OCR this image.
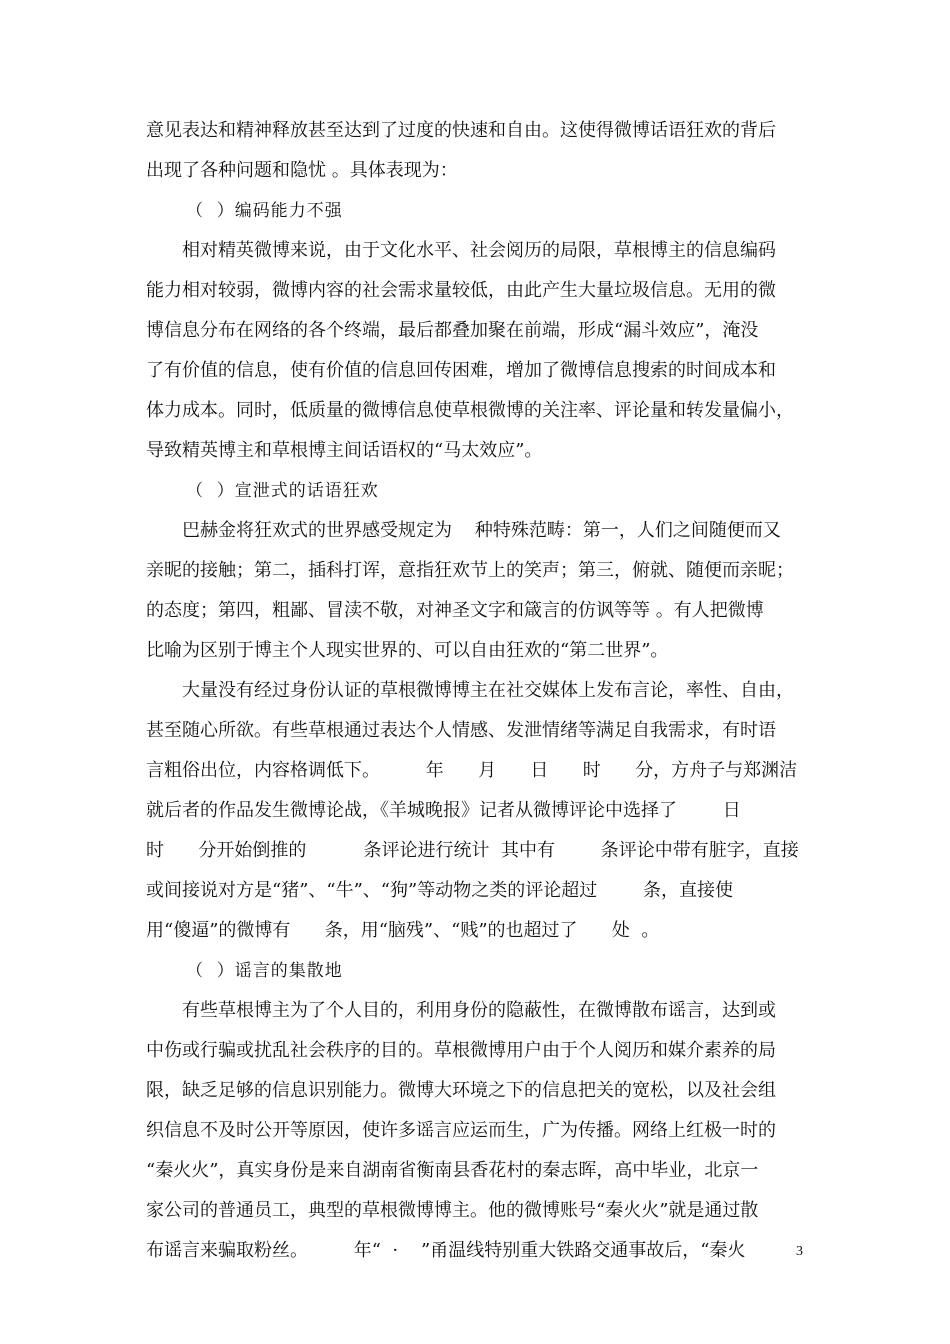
意见表达和精神释放甚至达到了过度的快速和自由。这使得微博话语狂欢的背后
出现了各种问题和隐忧 。具体表现为：
（  ）编码能力不强
相对精英微博来说，由于文化水平、社会阅历的局限，草根博主的信息编码
能力相对较弱，微博内容的社会需求量较低，由此产生大量垃圾信息。无用的微
博信息分布在网络的各个终端，最后都叠加聚在前端，形成“漏斗效应”，淹没
了有价值的信息，使有价值的信息回传困难，增加了微博信息搜索的时间成本和
体力成本。同时，低质量的微博信息使草根微博的关注率、评论量和转发量偏小，
导致精英博主和草根博主间话语权的“马太效应”。
（  ）宣泄式的话语狂欢
巴赫金将狂欢式的世界感受规定为    种特殊范畴：第一，人们之间随便而又
亲昵的接触；第二，插科打诨，意指狂欢节上的笑声；第三，俯就、随便而亲昵；
的态度；第四，粗鄙、冒渎不敬，对神圣文字和箴言的仿讽等等 。有人把微博
比喻为区别于博主个人现实世界的、可以自由狂欢的“第二世界”。
大量没有经过身份认证的草根微博博主在社交媒体上发布言论，率性、自由，
甚至随心所欲。有些草根通过表达个人情感、发泄情绪等满足自我需求，有时语
言粗俗出位，内容格调低下。        年      月      日      时      分，方舟子与郑渊洁
就后者的作品发生微博论战，《羊城晚报》记者从微博评论中选择了        日
时      分开始倒推的          条评论进行统计  其中有        条评论中带有脏字，直接
或间接说对方是“猪”、“牛”、“狗”等动物之类的评论超过        条，直接使
用“傻逼”的微博有      条，用“脑残”、“贱”的也超过了      处  。
（  ）谣言的集散地
有些草根博主为了个人目的，利用身份的隐蔽性，在微博散布谣言，达到或
中伤或行骗或扰乱社会秩序的目的。草根微博用户由于个人阅历和媒介素养的局
限，缺乏足够的信息识别能力。微博大环境之下的信息把关的宽松，以及社会组
织信息不及时公开等原因，使许多谣言应运而生，广为传播。网络上红极一时的
“秦火火”，真实身份是来自湖南省衡南县香花村的秦志晖，高中毕业，北京一
家公司的普通员工，典型的草根微博博主。他的微博账号“秦火火”就是通过散
布谣言来骗取粉丝。        年“  ·    ”甬温线特别重大铁路交通事故后，“秦火	3
